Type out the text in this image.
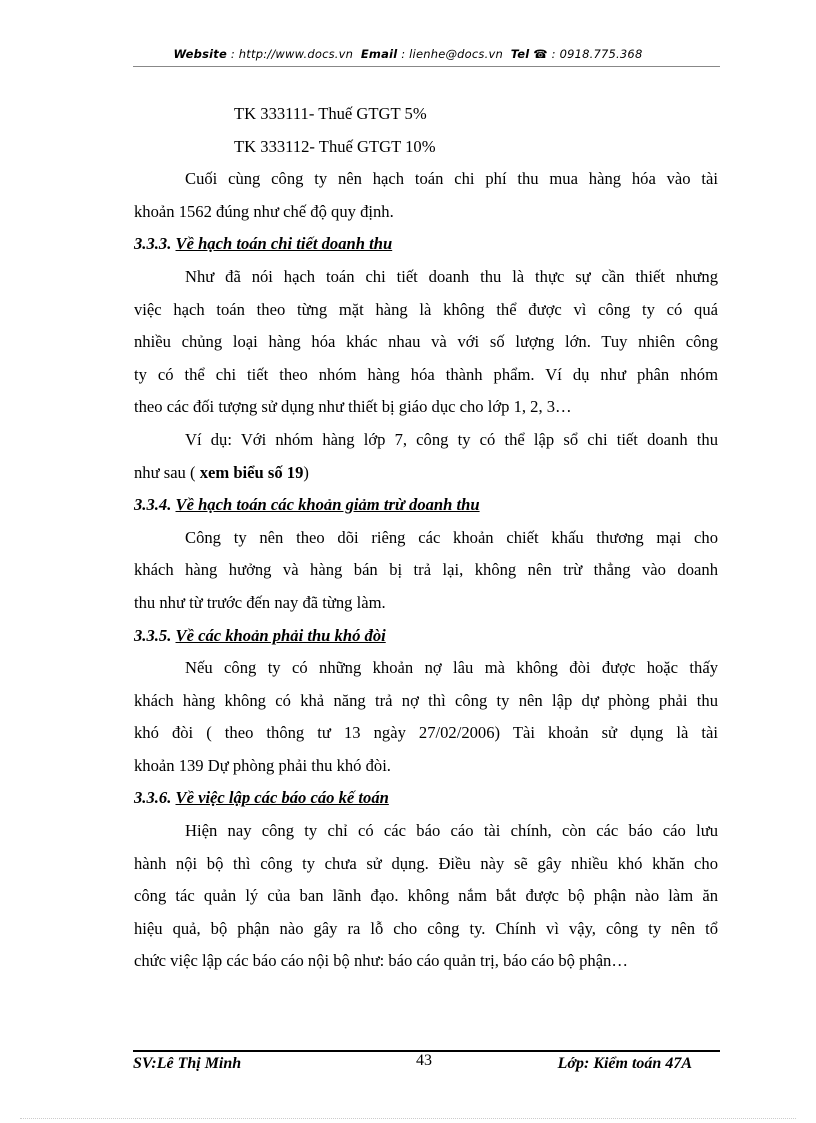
Website : http://www.docs.vn Email : lienhe@docs.vn Tel ☎ : 0918.775.368
TK 333111- Thuế GTGT 5%
TK 333112- Thuế GTGT 10%
Cuối cùng công ty nên hạch toán chi phí thu mua hàng hóa vào tài
khoản 1562 đúng như chế độ quy định.
3.3.3. Về hạch toán chi tiết doanh thu
Như đã nói hạch toán chi tiết doanh thu là thực sự cần thiết nhưng
việc hạch toán theo từng mặt hàng là không thể được vì công ty có quá
nhiều chủng loại hàng hóa khác nhau và với số lượng lớn. Tuy nhiên công
ty có thể chi tiết theo nhóm hàng hóa thành phẩm. Ví dụ như phân nhóm
theo các đối tượng sử dụng như thiết bị giáo dục cho lớp 1, 2, 3…
Ví dụ: Với nhóm hàng lớp 7, công ty có thể lập sổ chi tiết doanh thu
như sau ( xem biểu số 19)
3.3.4. Về hạch toán các khoản giảm trừ doanh thu
Công ty nên theo dõi riêng các khoản chiết khấu thương mại cho
khách hàng hưởng và hàng bán bị trả lại, không nên trừ thẳng vào doanh
thu như từ trước đến nay đã từng làm.
3.3.5. Về các khoản phải thu khó đòi
Nếu công ty có những khoản nợ lâu mà không đòi được hoặc thấy
khách hàng không có khả năng trả nợ thì công ty nên lập dự phòng phải thu
khó đòi ( theo thông tư 13 ngày 27/02/2006) Tài khoản sử dụng là tài
khoản 139 Dự phòng phải thu khó đòi.
3.3.6. Về việc lập các báo cáo kế toán
Hiện nay công ty chỉ có các báo cáo tài chính, còn các báo cáo lưu
hành nội bộ thì công ty chưa sử dụng. Điều này sẽ gây nhiều khó khăn cho
công tác quản lý của ban lãnh đạo. không nắm bắt được bộ phận nào làm ăn
hiệu quả, bộ phận nào gây ra lỗ cho công ty. Chính vì vậy, công ty nên tổ
chức việc lập các báo cáo nội bộ như: báo cáo quản trị, báo cáo bộ phận…
SV:Lê Thị Minh	43	Lớp: Kiểm toán 47A
